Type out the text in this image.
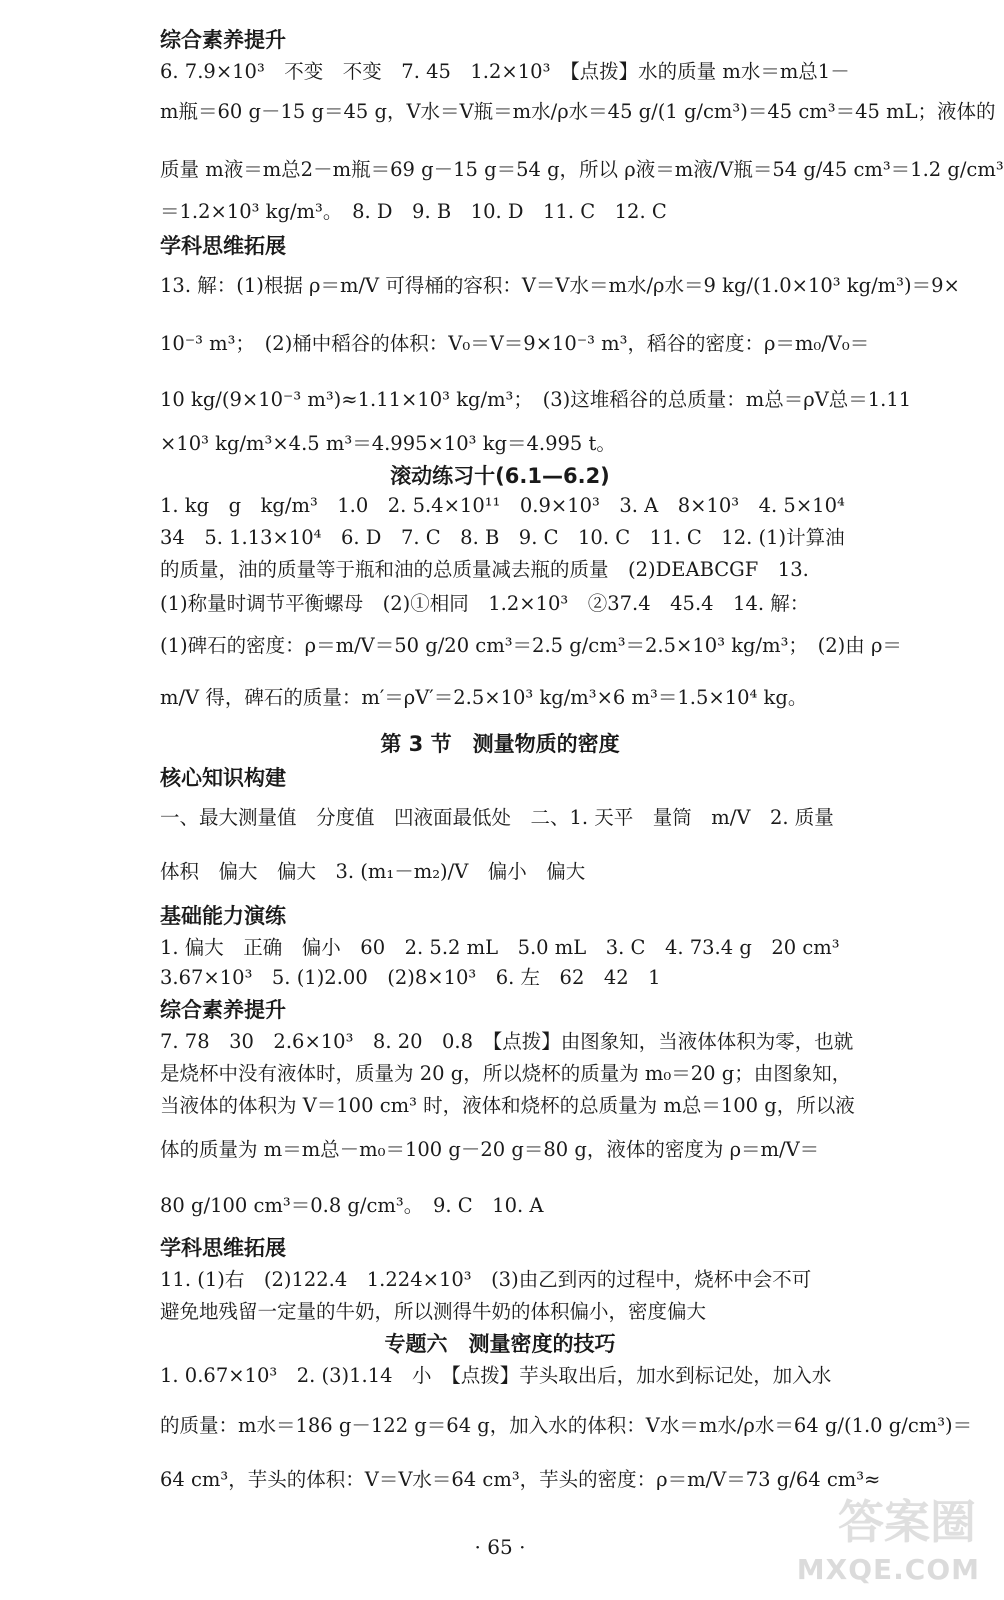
综合素养提升
6. 7.9×10³　不变　不变　7. 45　1.2×10³　【点拨】水的质量 m水＝m总1－
m瓶＝60 g－15 g＝45 g，V水＝V瓶＝m水/ρ水＝45 g/(1 g/cm³)＝45 cm³＝45 mL；液体的
质量 m液＝m总2－m瓶＝69 g－15 g＝54 g，所以 ρ液＝m液/V瓶＝54 g/45 cm³＝1.2 g/cm³
＝1.2×10³ kg/m³。　8. D　9. B　10. D　11. C　12. C
学科思维拓展
13. 解：(1)根据 ρ＝m/V 可得桶的容积：V＝V水＝m水/ρ水＝9 kg/(1.0×10³ kg/m³)＝9×
10⁻³ m³；　(2)桶中稻谷的体积：V₀＝V＝9×10⁻³ m³，稻谷的密度：ρ＝m₀/V₀＝
10 kg/(9×10⁻³ m³)≈1.11×10³ kg/m³；　(3)这堆稻谷的总质量：m总＝ρV总＝1.11
×10³ kg/m³×4.5 m³＝4.995×10³ kg＝4.995 t。
滚动练习十(6.1—6.2)
1. kg　g　kg/m³　1.0　2. 5.4×10¹¹　0.9×10³　3. A　8×10³　4. 5×10⁴
34　5. 1.13×10⁴　6. D　7. C　8. B　9. C　10. C　11. C　12. (1)计算油
的质量，油的质量等于瓶和油的总质量减去瓶的质量　(2)DEABCGF　13.
(1)称量时调节平衡螺母　(2)①相同　1.2×10³　②37.4　45.4　14. 解：
(1)碑石的密度：ρ＝m/V＝50 g/20 cm³＝2.5 g/cm³＝2.5×10³ kg/m³；　(2)由 ρ＝
m/V 得，碑石的质量：m′＝ρV′＝2.5×10³ kg/m³×6 m³＝1.5×10⁴ kg。
第 3 节　测量物质的密度
核心知识构建
一、最大测量值　分度值　凹液面最低处　二、1. 天平　量筒　m/V　2. 质量
体积　偏大　偏大　3. (m₁－m₂)/V　偏小　偏大
基础能力演练
1. 偏大　正确　偏小　60　2. 5.2 mL　5.0 mL　3. C　4. 73.4 g　20 cm³
3.67×10³　5. (1)2.00　(2)8×10³　6. 左　62　42　1
综合素养提升
7. 78　30　2.6×10³　8. 20　0.8　【点拨】由图象知，当液体体积为零，也就
是烧杯中没有液体时，质量为 20 g，所以烧杯的质量为 m₀＝20 g；由图象知，
当液体的体积为 V＝100 cm³ 时，液体和烧杯的总质量为 m总＝100 g，所以液
体的质量为 m＝m总－m₀＝100 g－20 g＝80 g，液体的密度为 ρ＝m/V＝
80 g/100 cm³＝0.8 g/cm³。　9. C　10. A
学科思维拓展
11. (1)右　(2)122.4　1.224×10³　(3)由乙到丙的过程中，烧杯中会不可
避免地残留一定量的牛奶，所以测得牛奶的体积偏小，密度偏大
专题六　测量密度的技巧
1. 0.67×10³　2. (3)1.14　小　【点拨】芋头取出后，加水到标记处，加入水
的质量：m水＝186 g－122 g＝64 g，加入水的体积：V水＝m水/ρ水＝64 g/(1.0 g/cm³)＝
64 cm³，芋头的体积：V＝V水＝64 cm³，芋头的密度：ρ＝m/V＝73 g/64 cm³≈
· 65 ·	答案圈
MXQE.COM
